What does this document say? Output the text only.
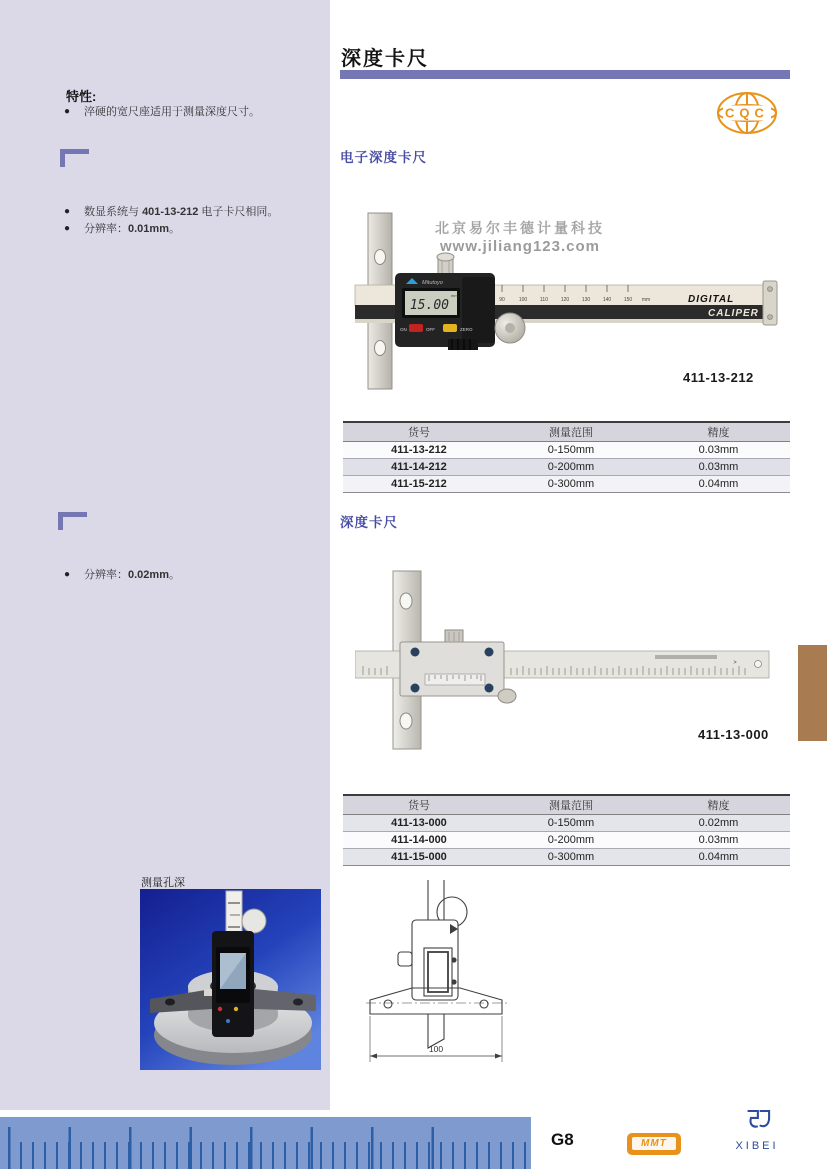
特性:
●	淬硬的宽尺座适用于测量深度尺寸。
●	数显系统与 401-13-212 电子卡尺相同。
●	分辨率：0.01mm。
●	分辨率：0.02mm。
测量孔深
深度卡尺
CQC
电子深度卡尺
90	100	110	120	130	140	150 mm	DIGITAL
CALIPER
Mitutoyo
15.00
mm
ON	OFF	ZERO
北京易尔丰德计量科技
www.jiliang123.com
411-13-212
货号	测量范围	精度
411-13-212	0-150mm	0.03mm
411-14-212	0-200mm	0.03mm
411-15-212	0-300mm	0.04mm
深度卡尺
411-13-000
货号	测量范围	精度
411-13-000	0-150mm	0.02mm
411-14-000	0-200mm	0.03mm
411-15-000	0-300mm	0.04mm
100
G8	MMT	XIBEI
